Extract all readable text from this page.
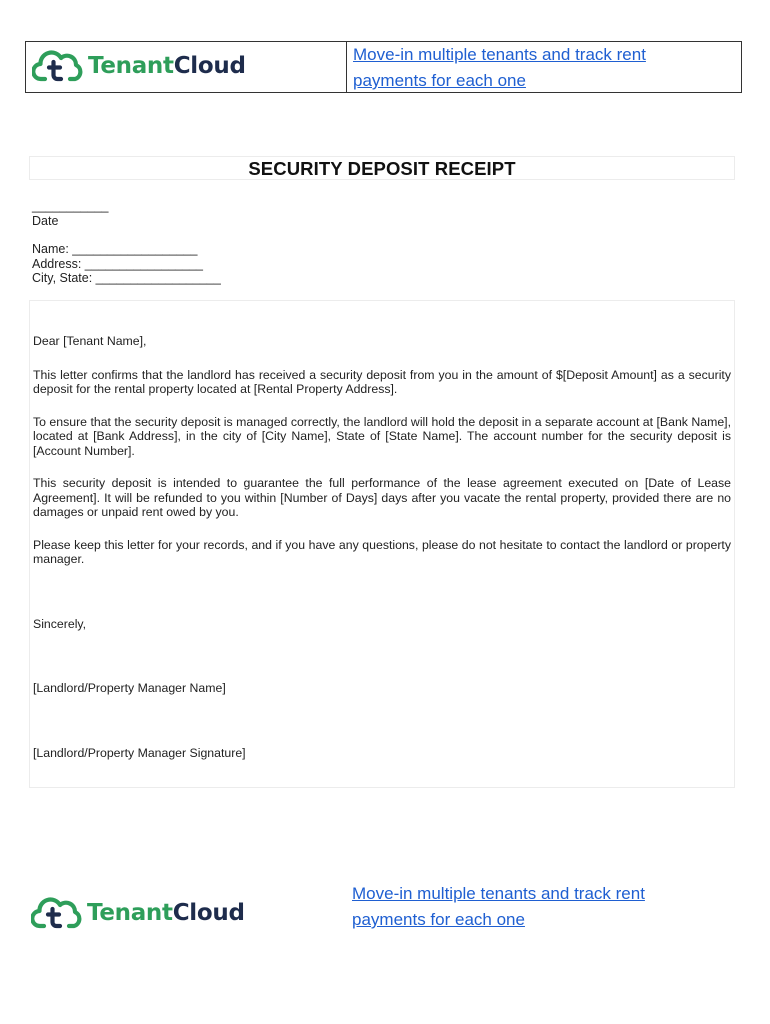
TenantCloud	Move-in multiple tenants and track rent
payments for each one
SECURITY DEPOSIT RECEIPT
___________
Date
Name: __________________
Address: _________________
City, State: __________________

Dear [Tenant Name],

This letter confirms that the landlord has received a security deposit from you in the amount of $[Deposit Amount] as a security deposit for the rental property located at [Rental Property Address].

To ensure that the security deposit is managed correctly, the landlord will hold the deposit in a separate account at [Bank Name], located at [Bank Address], in the city of [City Name], State of [State Name]. The account number for the security deposit is [Account Number].

This security deposit is intended to guarantee the full performance of the lease agreement executed on [Date of Lease Agreement]. It will be refunded to you within [Number of Days] days after you vacate the rental property, provided there are no damages or unpaid rent owed by you.

Please keep this letter for your records, and if you have any questions, please do not hesitate to contact the landlord or property manager.

Sincerely,

[Landlord/Property Manager Name]

[Landlord/Property Manager Signature]

TenantCloud
Move-in multiple tenants and track rent
payments for each one
